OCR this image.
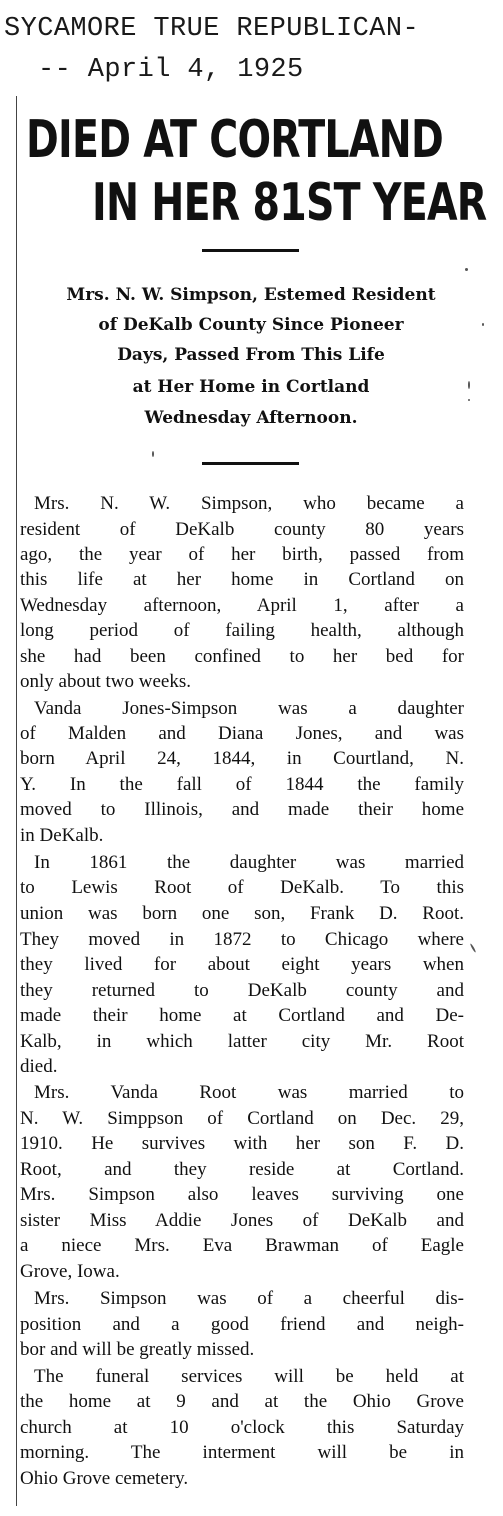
SYCAMORE TRUE REPUBLICAN-

-- April 4, 1925

DIED AT CORTLAND
IN HER 81ST YEAR

Mrs. N. W. Simpson, Estemed Resident

of DeKalb County Since Pioneer

Days, Passed From This Life

at Her Home in Cortland

Wednesday Afternoon.

Mrs. N. W. Simpson, who became a

resident of DeKalb county 80 years

ago, the year of her birth, passed from

this life at her home in Cortland on

Wednesday afternoon, April 1, after a

long period of failing health, although

she had been confined to her bed for

only about two weeks.

Vanda Jones-Simpson was a daughter

of Malden and Diana Jones, and was

born April 24, 1844, in Courtland, N.

Y. In the fall of 1844 the family

moved to Illinois, and made their home

in DeKalb.

In 1861 the daughter was married

to Lewis Root of DeKalb. To this

union was born one son, Frank D. Root.

They moved in 1872 to Chicago where

they lived for about eight years when

they returned to DeKalb county and

made their home at Cortland and De-

Kalb, in which latter city Mr. Root

died.

Mrs. Vanda Root was married to

N. W. Simppson of Cortland on Dec. 29,

1910. He survives with her son F. D.

Root, and they reside at Cortland.

Mrs. Simpson also leaves surviving one

sister Miss Addie Jones of DeKalb and

a niece Mrs. Eva Brawman of Eagle

Grove, Iowa.

Mrs. Simpson was of a cheerful dis-

position and a good friend and neigh-

bor and will be greatly missed.

The funeral services will be held at

the home at 9 and at the Ohio Grove

church at 10 o'clock this Saturday

morning. The interment will be in

Ohio Grove cemetery.
